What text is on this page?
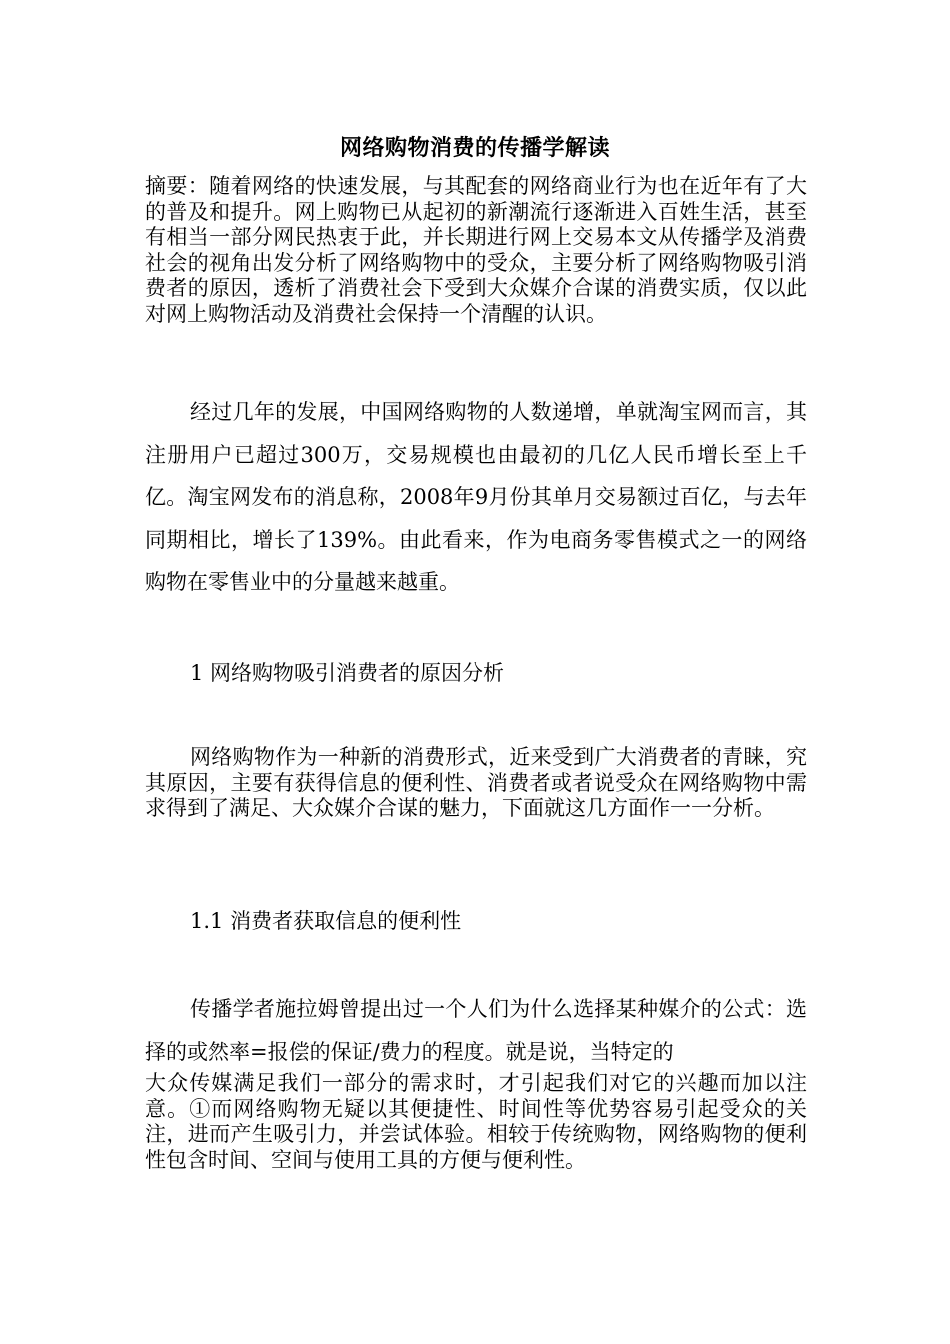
网络购物消费的传播学解读

摘要：随着网络的快速发展，与其配套的网络商业行为也在近年有了大的普及和提升。网上购物已从起初的新潮流行逐渐进入百姓生活，甚至有相当一部分网民热衷于此，并长期进行网上交易本文从传播学及消费社会的视角出发分析了网络购物中的受众，主要分析了网络购物吸引消费者的原因，透析了消费社会下受到大众媒介合谋的消费实质，仅以此对网上购物活动及消费社会保持一个清醒的认识。

经过几年的发展，中国网络购物的人数递增，单就淘宝网而言，其注册用户已超过300万，交易规模也由最初的几亿人民币增长至上千亿。淘宝网发布的消息称，2008年9月份其单月交易额过百亿，与去年同期相比，增长了139%。由此看来，作为电商务零售模式之一的网络购物在零售业中的分量越来越重。

1 网络购物吸引消费者的原因分析

网络购物作为一种新的消费形式，近来受到广大消费者的青睐，究其原因，主要有获得信息的便利性、消费者或者说受众在网络购物中需求得到了满足、大众媒介合谋的魅力，下面就这几方面作一一分析。

1.1 消费者获取信息的便利性

传播学者施拉姆曾提出过一个人们为什么选择某种媒介的公式：选择的或然率=报偿的保证/费力的程度。就是说，当特定的

大众传媒满足我们一部分的需求时，才引起我们对它的兴趣而加以注意。①而网络购物无疑以其便捷性、时间性等优势容易引起受众的关注，进而产生吸引力，并尝试体验。相较于传统购物，网络购物的便利性包含时间、空间与使用工具的方便与便利性。
